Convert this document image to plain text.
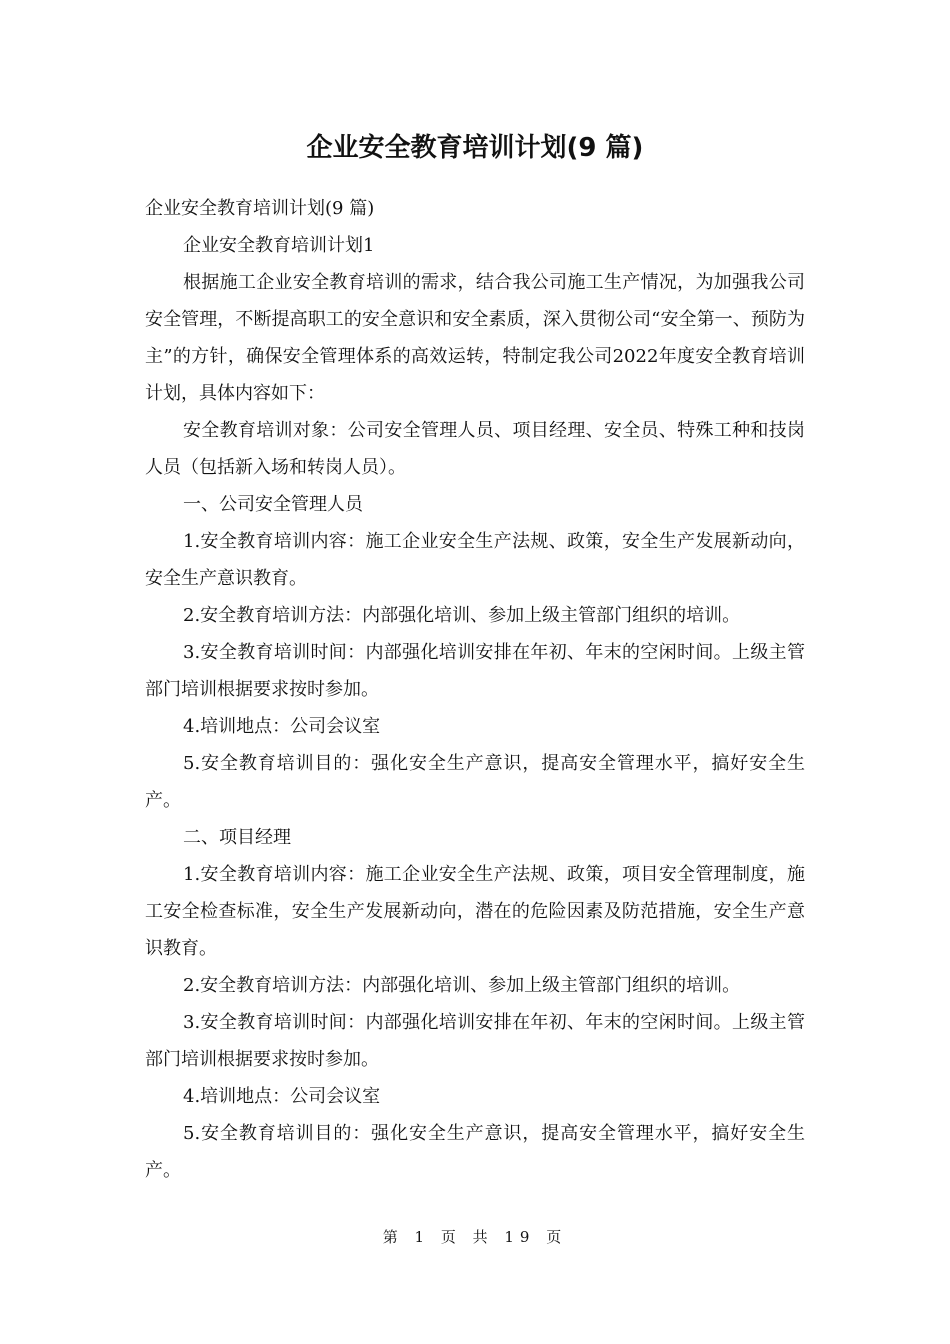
企业安全教育培训计划(9 篇)

企业安全教育培训计划(9 篇)

企业安全教育培训计划1

根据施工企业安全教育培训的需求，结合我公司施工生产情况，为加强我公司安全管理，不断提高职工的安全意识和安全素质，深入贯彻公司“安全第一、预防为主”的方针，确保安全管理体系的高效运转，特制定我公司2022年度安全教育培训计划，具体内容如下：

安全教育培训对象：公司安全管理人员、项目经理、安全员、特殊工种和技岗人员（包括新入场和转岗人员）。

一、公司安全管理人员

1.安全教育培训内容：施工企业安全生产法规、政策，安全生产发展新动向，安全生产意识教育。

2.安全教育培训方法：内部强化培训、参加上级主管部门组织的培训。

3.安全教育培训时间：内部强化培训安排在年初、年末的空闲时间。上级主管部门培训根据要求按时参加。

4.培训地点：公司会议室

5.安全教育培训目的：强化安全生产意识，提高安全管理水平，搞好安全生产。

二、项目经理

1.安全教育培训内容：施工企业安全生产法规、政策，项目安全管理制度，施工安全检查标准，安全生产发展新动向，潜在的危险因素及防范措施，安全生产意识教育。

2.安全教育培训方法：内部强化培训、参加上级主管部门组织的培训。

3.安全教育培训时间：内部强化培训安排在年初、年末的空闲时间。上级主管部门培训根据要求按时参加。

4.培训地点：公司会议室

5.安全教育培训目的：强化安全生产意识，提高安全管理水平，搞好安全生产。

第 1 页 共 19 页
